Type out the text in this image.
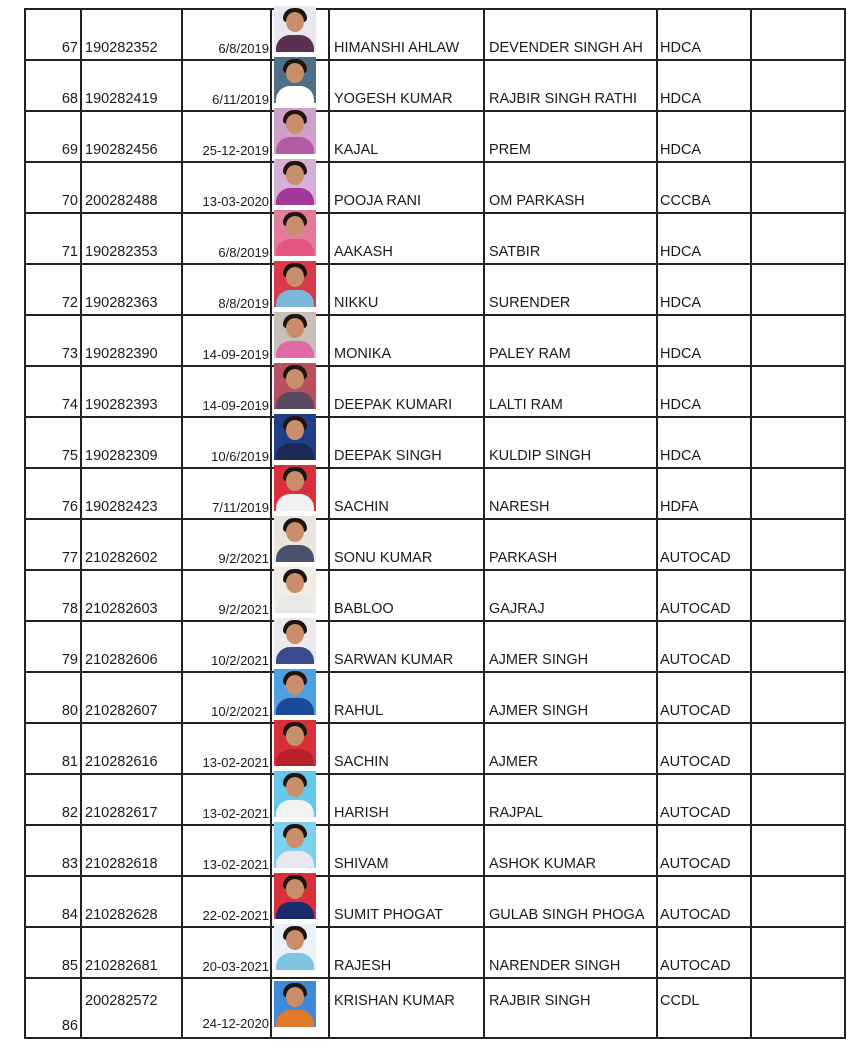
67	190282352	6/8/2019		HIMANSHI AHLAW	DEVENDER SINGH AH	HDCA	
68	190282419	6/11/2019		YOGESH KUMAR	RAJBIR SINGH RATHI	HDCA	
69	190282456	25-12-2019		KAJAL	PREM	HDCA	
70	200282488	13-03-2020		POOJA RANI	OM PARKASH	CCCBA	
71	190282353	6/8/2019		AAKASH	SATBIR	HDCA	
72	190282363	8/8/2019		NIKKU	SURENDER	HDCA	
73	190282390	14-09-2019		MONIKA	PALEY RAM	HDCA	
74	190282393	14-09-2019		DEEPAK KUMARI	LALTI RAM	HDCA	
75	190282309	10/6/2019		DEEPAK SINGH	KULDIP SINGH	HDCA	
76	190282423	7/11/2019		SACHIN	NARESH	HDFA	
77	210282602	9/2/2021		SONU KUMAR	PARKASH	AUTOCAD	
78	210282603	9/2/2021		BABLOO	GAJRAJ	AUTOCAD	
79	210282606	10/2/2021		SARWAN KUMAR	AJMER SINGH	AUTOCAD	
80	210282607	10/2/2021		RAHUL	AJMER SINGH	AUTOCAD	
81	210282616	13-02-2021		SACHIN	AJMER	AUTOCAD	
82	210282617	13-02-2021		HARISH	RAJPAL	AUTOCAD	
83	210282618	13-02-2021		SHIVAM	ASHOK KUMAR	AUTOCAD	
84	210282628	22-02-2021		SUMIT PHOGAT	GULAB SINGH PHOGA	AUTOCAD	
85	210282681	20-03-2021		RAJESH	NARENDER SINGH	AUTOCAD	
86	200282572	24-12-2020		KRISHAN KUMAR	RAJBIR SINGH	CCDL	
